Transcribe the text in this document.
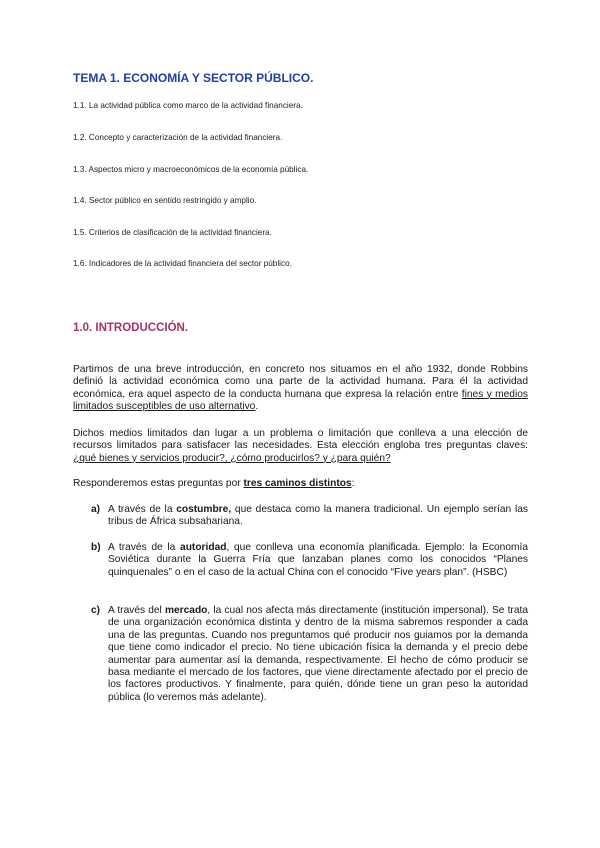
TEMA 1. ECONOMÍA Y SECTOR PÚBLICO.
1.1. La actividad pública como marco de la actividad financiera.
1.2. Concepto y caracterización de la actividad financiera.
1.3. Aspectos micro y macroeconómicos de la economía pública.
1.4. Sector público en sentido restringido y amplio.
1.5. Criterios de clasificación de la actividad financiera.
1.6. Indicadores de la actividad financiera del sector público.
1.0. INTRODUCCIÓN.

Partimos de una breve introducción, en concreto nos situamos en el año 1932, donde Robbins definió la actividad económica como una parte de la actividad humana. Para él la actividad económica, era aquel aspecto de la conducta humana que expresa la relación entre fines y medios limitados susceptibles de uso alternativo.

Dichos medios limitados dan lugar a un problema o limitación que conlleva a una elección de recursos limitados para satisfacer las necesidades. Esta elección engloba tres preguntas claves: ¿qué bienes y servicios producir?, ¿cómo producirlos? y ¿para quién?

Responderemos estas preguntas por tres caminos distintos:

a) A través de la costumbre, que destaca como la manera tradicional. Un ejemplo serían las tribus de África subsahariana.
b) A través de la autoridad, que conlleva una economía planificada. Ejemplo: la Economía Soviética durante la Guerra Fría que lanzaban planes como los conocidos “Planes quinquenales” o en el caso de la actual China con el conocido “Five years plan”. (HSBC)
c) A través del mercado, la cual nos afecta más directamente (institución impersonal). Se trata de una organización económica distinta y dentro de la misma sabremos responder a cada una de las preguntas. Cuando nos preguntamos qué producir nos guiamos por la demanda que tiene como indicador el precio. No tiene ubicación física la demanda y el precio debe aumentar para aumentar así la demanda, respectivamente. El hecho de cómo producir se basa mediante el mercado de los factores, que viene directamente afectado por el precio de los factores productivos. Y finalmente, para quién, dónde tiene un gran peso la autoridad pública (lo veremos más adelante).
